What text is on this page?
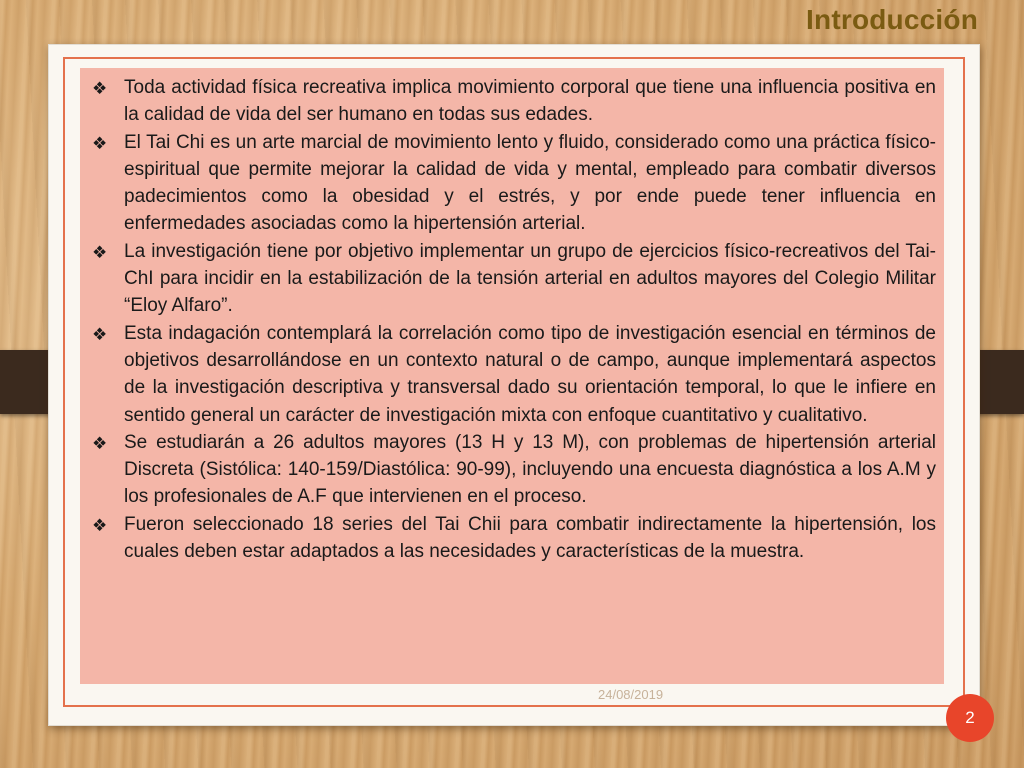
Introducción
❖ Toda actividad física recreativa implica movimiento corporal que tiene una influencia positiva en la calidad de vida del ser humano en todas sus edades.
❖ El Tai Chi es un arte marcial de movimiento lento y fluido, considerado como una práctica físico-espiritual que permite mejorar la calidad de vida y mental, empleado para combatir diversos padecimientos como la obesidad y el estrés, y por ende puede tener influencia en enfermedades asociadas como la hipertensión arterial.
❖ La investigación tiene por objetivo implementar un grupo de ejercicios físico-recreativos del Tai-ChI para incidir en la estabilización de la tensión arterial en adultos mayores del Colegio Militar “Eloy Alfaro”.
❖ Esta indagación contemplará la correlación como tipo de investigación esencial en términos de objetivos desarrollándose en un contexto natural o de campo, aunque implementará aspectos de la investigación descriptiva y transversal dado su orientación temporal, lo que le infiere en sentido general un carácter de investigación mixta con enfoque cuantitativo y cualitativo.
❖ Se estudiarán a 26 adultos mayores (13 H y 13 M), con problemas de hipertensión arterial Discreta (Sistólica: 140-159/Diastólica: 90-99), incluyendo una encuesta diagnóstica a los A.M y los profesionales de A.F que intervienen en el proceso.
❖ Fueron seleccionado 18 series del Tai Chii para combatir indirectamente la hipertensión, los cuales deben estar adaptados a las necesidades y características de la muestra.
24/08/2019
2
